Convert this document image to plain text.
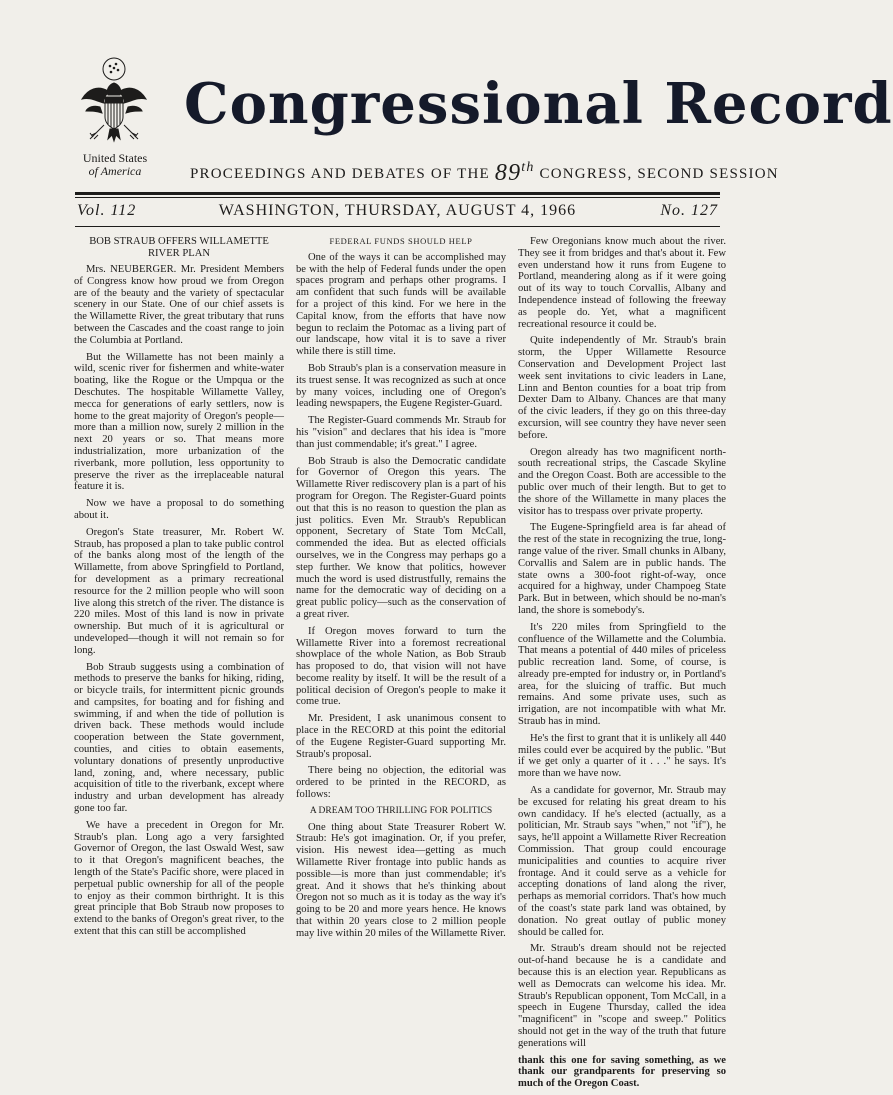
United States
of America
Congressional Record
PROCEEDINGS AND DEBATES OF THE 89th CONGRESS, SECOND SESSION
Vol. 112	WASHINGTON, THURSDAY, AUGUST 4, 1966	No. 127
BOB STRAUB OFFERS WILLAMETTE RIVER PLAN

Mrs. NEUBERGER. Mr. President Members of Congress know how proud we from Oregon are of the beauty and the variety of spectacular scenery in our State. One of our chief assets is the Willamette River, the great tributary that runs between the Cascades and the coast range to join the Columbia at Portland.

But the Willamette has not been mainly a wild, scenic river for fishermen and white-water boating, like the Rogue or the Umpqua or the Deschutes. The hospitable Willamette Valley, mecca for generations of early settlers, now is home to the great majority of Oregon's people—more than a million now, surely 2 million in the next 20 years or so. That means more industrialization, more urbanization of the riverbank, more pollution, less opportunity to preserve the river as the irreplaceable natural feature it is.

Now we have a proposal to do something about it.

Oregon's State treasurer, Mr. Robert W. Straub, has proposed a plan to take public control of the banks along most of the length of the Willamette, from above Springfield to Portland, for development as a primary recreational resource for the 2 million people who will soon live along this stretch of the river. The distance is 220 miles. Most of this land is now in private ownership. But much of it is agricultural or undeveloped—though it will not remain so for long.

Bob Straub suggests using a combination of methods to preserve the banks for hiking, riding, or bicycle trails, for intermittent picnic grounds and campsites, for boating and for fishing and swimming, if and when the tide of pollution is driven back. These methods would include cooperation between the State government, counties, and cities to obtain easements, voluntary donations of presently unproductive land, zoning, and, where necessary, public acquisition of title to the riverbank, except where industry and urban development has already gone too far.

We have a precedent in Oregon for Mr. Straub's plan. Long ago a very farsighted Governor of Oregon, the last Oswald West, saw to it that Oregon's magnificent beaches, the length of the State's Pacific shore, were placed in perpetual public ownership for all of the people to enjoy as their common birthright. It is this great principle that Bob Straub now proposes to extend to the banks of Oregon's great river, to the extent that this can still be accomplished

FEDERAL FUNDS SHOULD HELP

One of the ways it can be accomplished may be with the help of Federal funds under the open spaces program and perhaps other programs. I am confident that such funds will be available for a project of this kind. For we here in the Capital know, from the efforts that have now begun to reclaim the Potomac as a living part of our landscape, how vital it is to save a river while there is still time.

Bob Straub's plan is a conservation measure in its truest sense. It was recognized as such at once by many voices, including one of Oregon's leading newspapers, the Eugene Register-Guard.

The Register-Guard commends Mr. Straub for his "vision" and declares that his idea is "more than just commendable; it's great." I agree.

Bob Straub is also the Democratic candidate for Governor of Oregon this years. The Willamette River rediscovery plan is a part of his program for Oregon. The Register-Guard points out that this is no reason to question the plan as just politics. Even Mr. Straub's Republican opponent, Secretary of State Tom McCall, commended the idea. But as elected officials ourselves, we in the Congress may perhaps go a step further. We know that politics, however much the word is used distrustfully, remains the name for the democratic way of deciding on a great public policy—such as the conservation of a great river.

If Oregon moves forward to turn the Willamette River into a foremost recreational showplace of the whole Nation, as Bob Straub has proposed to do, that vision will not have become reality by itself. It will be the result of a political decision of Oregon's people to make it come true.

Mr. President, I ask unanimous consent to place in the RECORD at this point the editorial of the Eugene Register-Guard supporting Mr. Straub's proposal.

There being no objection, the editorial was ordered to be printed in the RECORD, as follows:

A DREAM TOO THRILLING FOR POLITICS

One thing about State Treasurer Robert W. Straub: He's got imagination. Or, if you prefer, vision. His newest idea—getting as much Willamette River frontage into public hands as possible—is more than just commendable; it's great. And it shows that he's thinking about Oregon not so much as it is today as the way it's going to be 20 and more years hence. He knows that within 20 years close to 2 million people may live within 20 miles of the Willamette River.

Few Oregonians know much about the river. They see it from bridges and that's about it. Few even understand how it runs from Eugene to Portland, meandering along as if it were going out of its way to touch Corvallis, Albany and Independence instead of following the freeway as people do. Yet, what a magnificent recreational resource it could be.

Quite independently of Mr. Straub's brain storm, the Upper Willamette Resource Conservation and Development Project last week sent invitations to civic leaders in Lane, Linn and Benton counties for a boat trip from Dexter Dam to Albany. Chances are that many of the civic leaders, if they go on this three-day excursion, will see country they have never seen before.

Oregon already has two magnificent north-south recreational strips, the Cascade Skyline and the Oregon Coast. Both are accessible to the public over much of their length. But to get to the shore of the Willamette in many places the visitor has to trespass over private property.

The Eugene-Springfield area is far ahead of the rest of the state in recognizing the true, long-range value of the river. Small chunks in Albany, Corvallis and Salem are in public hands. The state owns a 300-foot right-of-way, once acquired for a highway, under Champoeg State Park. But in between, which should be no-man's land, the shore is somebody's.

It's 220 miles from Springfield to the confluence of the Willamette and the Columbia. That means a potential of 440 miles of priceless public recreation land. Some, of course, is already pre-empted for industry or, in Portland's area, for the sluicing of traffic. But much remains. And some private uses, such as irrigation, are not incompatible with what Mr. Straub has in mind.

He's the first to grant that it is unlikely all 440 miles could ever be acquired by the public. "But if we get only a quarter of it . . ." he says. It's more than we have now.

As a candidate for governor, Mr. Straub may be excused for relating his great dream to his own candidacy. If he's elected (actually, as a politician, Mr. Straub says "when," not "if"), he says, he'll appoint a Willamette River Recreation Commission. That group could encourage municipalities and counties to acquire river frontage. And it could serve as a vehicle for accepting donations of land along the river, perhaps as memorial corridors. That's how much of the coast's state park land was obtained, by donation. No great outlay of public money should be called for.

Mr. Straub's dream should not be rejected out-of-hand because he is a candidate and because this is an election year. Republicans as well as Democrats can welcome his idea. Mr. Straub's Republican opponent, Tom McCall, in a speech in Eugene Thursday, called the idea "magnificent" in "scope and sweep." Politics should not get in the way of the truth that future generations will

thank this one for saving something, as we thank our grandparents for preserving so much of the Oregon Coast.
